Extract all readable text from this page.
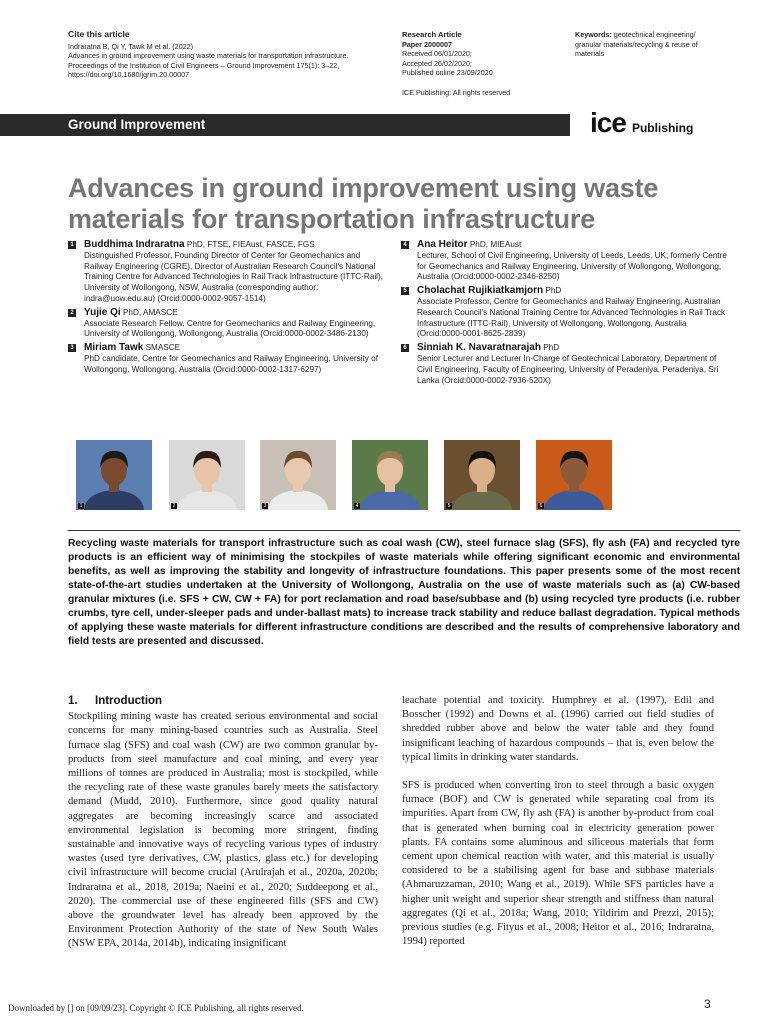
Cite this article
Indraratna B, Qi Y, Tawk M et al. (2022)
Advances in ground improvement using waste materials for transportation infrastructure.
Proceedings of the Institution of Civil Engineers – Ground Improvement 175(1): 3–22,
https://doi.org/10.1680/jgrim.20.00007
Research Article
Paper 2000007
Received 06/01/2020;
Accepted 26/02/2020;
Published online 23/09/2020
ICE Publishing: All rights reserved
Keywords: geotechnical engineering/ granular materials/recycling & reuse of materials
Ground Improvement	ice Publishing
Advances in ground improvement using waste materials for transportation infrastructure
1 Buddhima Indraratna PhD, FTSE, FIEAust, FASCE, FGS
Distinguished Professor, Founding Director of Center for Geomechanics and Railway Engineering (CGRE), Director of Australian Research Council's National Training Centre for Advanced Technologies in Rail Track Infrastructure (ITTC-Rail), University of Wollongong, NSW, Australia (corresponding author: indra@uow.edu.au) (Orcid:0000-0002-9057-1514)
2 Yujie Qi PhD, AMASCE
Associate Research Fellow, Centre for Geomechanics and Railway Engineering, University of Wollongong, Wollongong, Australia (Orcid:0000-0002-3486-2130)
3 Miriam Tawk SMASCE
PhD candidate, Centre for Geomechanics and Railway Engineering, University of Wollongong, Wollongong, Australia (Orcid:0000-0002-1317-6297)
4 Ana Heitor PhD, MIEAust
Lecturer, School of Civil Engineering, University of Leeds, Leeds, UK; formerly Centre for Geomechanics and Railway Engineering, University of Wollongong, Wollongong, Australia (Orcid:0000-0002-2346-8250)
5 Cholachat Rujikiatkamjorn PhD
Associate Professor, Centre for Geomechanics and Railway Engineering, Australian Research Council's National Training Centre for Advanced Technologies in Rail Track Infrastructure (ITTC-Rail), University of Wollongong, Wollongong, Australia (Orcid:0000-0001-8625-2839)
6 Sinniah K. Navaratnarajah PhD
Senior Lecturer and Lecturer In-Charge of Geotechnical Laboratory, Department of Civil Engineering, Faculty of Engineering, University of Peradeniya, Peradeniya, Sri Lanka (Orcid:0000-0002-7936-520X)
1	2	3	4	5	6

Recycling waste materials for transport infrastructure such as coal wash (CW), steel furnace slag (SFS), fly ash (FA) and recycled tyre products is an efficient way of minimising the stockpiles of waste materials while offering significant economic and environmental benefits, as well as improving the stability and longevity of infrastructure foundations. This paper presents some of the most recent state-of-the-art studies undertaken at the University of Wollongong, Australia on the use of waste materials such as (a) CW-based granular mixtures (i.e. SFS + CW, CW + FA) for port reclamation and road base/subbase and (b) using recycled tyre products (i.e. rubber crumbs, tyre cell, under-sleeper pads and under-ballast mats) to increase track stability and reduce ballast degradation. Typical methods of applying these waste materials for different infrastructure conditions are described and the results of comprehensive laboratory and field tests are presented and discussed.

1. Introduction

Stockpiling mining waste has created serious environmental and social concerns for many mining-based countries such as Australia. Steel furnace slag (SFS) and coal wash (CW) are two common granular by-products from steel manufacture and coal mining, and every year millions of tonnes are produced in Australia; most is stockpiled, while the recycling rate of these waste granules barely meets the satisfactory demand (Mudd, 2010). Furthermore, since good quality natural aggregates are becoming increasingly scarce and associated environmental legislation is becoming more stringent, finding sustainable and innovative ways of recycling various types of industry wastes (used tyre derivatives, CW, plastics, glass etc.) for developing civil infrastructure will become crucial (Arulrajah et al., 2020a, 2020b; Indraratna et al., 2018, 2019a; Naeini et al., 2020; Suddeepong et al., 2020). The commercial use of these engineered fills (SFS and CW) above the groundwater level has already been approved by the Environment Protection Authority of the state of New South Wales (NSW EPA, 2014a, 2014b), indicating insignificant

leachate potential and toxicity. Humphrey et al. (1997), Edil and Bosscher (1992) and Downs et al. (1996) carried out field studies of shredded rubber above and below the water table and they found insignificant leaching of hazardous compounds – that is, even below the typical limits in drinking water standards.

SFS is produced when converting iron to steel through a basic oxygen furnace (BOF) and CW is generated while separating coal from its impurities. Apart from CW, fly ash (FA) is another by-product from coal that is generated when burning coal in electricity generation power plants. FA contains some aluminous and siliceous materials that form cement upon chemical reaction with water, and this material is usually considered to be a stabilising agent for base and subbase materials (Ahmaruzzaman, 2010; Wang et al., 2019). While SFS particles have a higher unit weight and superior shear strength and stiffness than natural aggregates (Qi et al., 2018a; Wang, 2010; Yildirim and Prezzi, 2015); previous studies (e.g. Fityus et al., 2008; Heitor et al., 2016; Indraratna, 1994) reported

Downloaded by [] on [09/09/23]. Copyright © ICE Publishing, all rights reserved.	3
